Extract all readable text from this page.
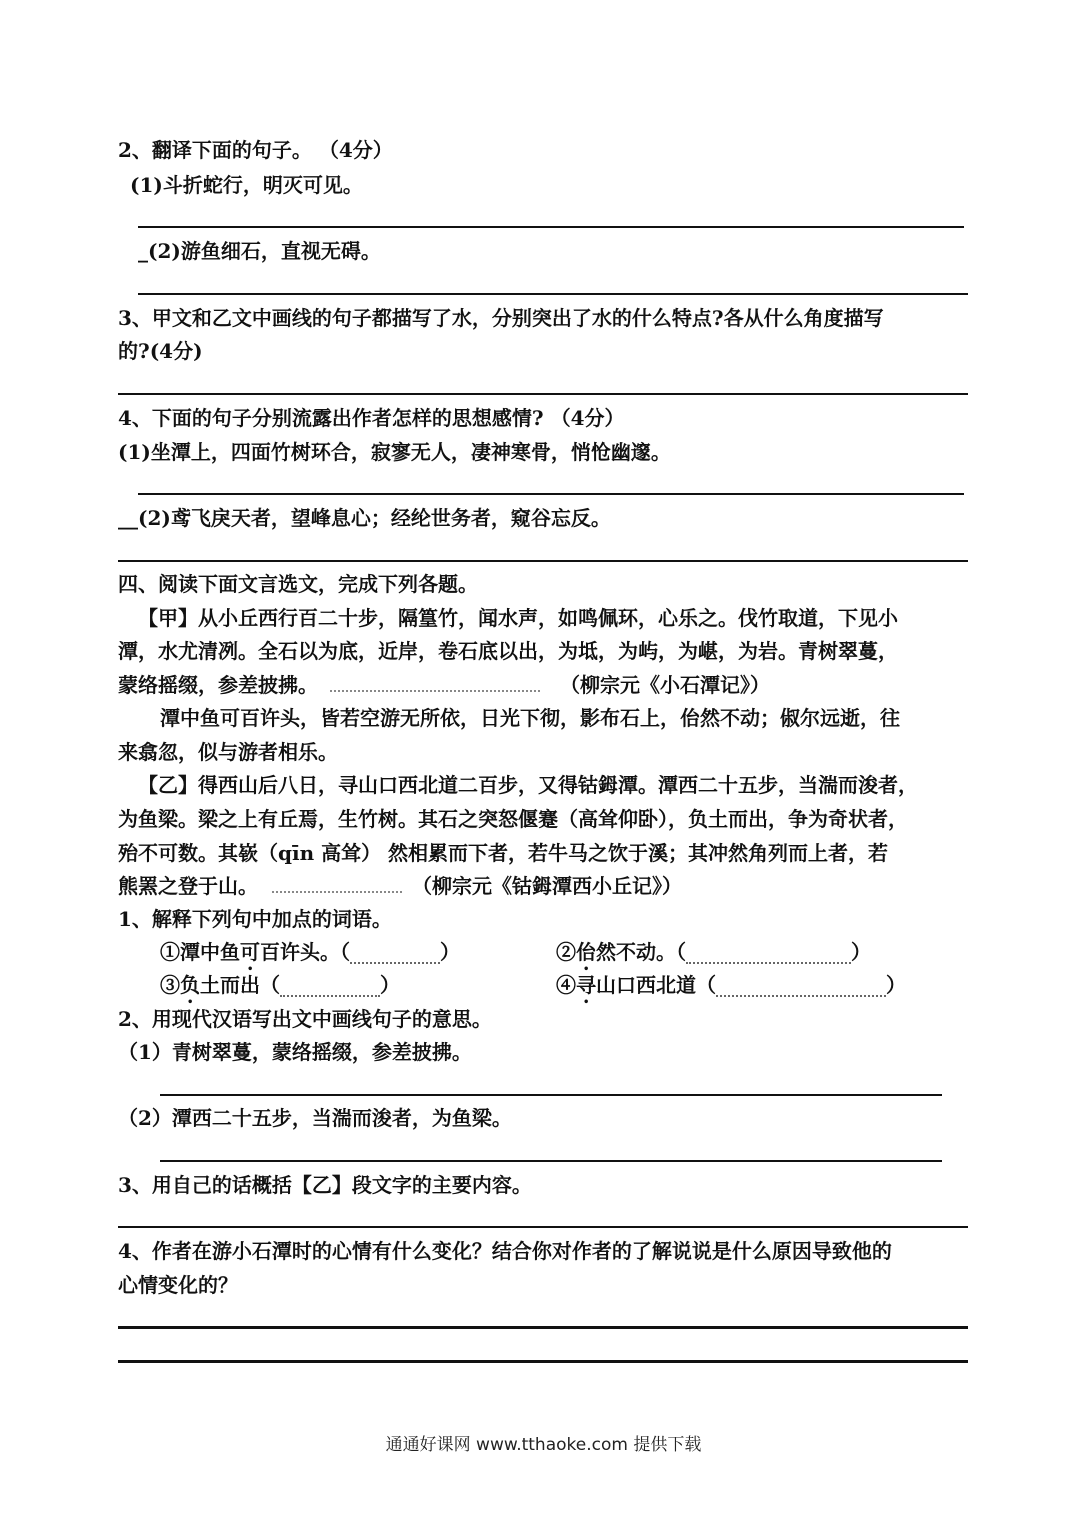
2、翻译下面的句子。 （4分）
(1)斗折蛇行，明灭可见。
_(2)游鱼细石，直视无碍。
3、甲文和乙文中画线的句子都描写了水，分别突出了水的什么特点?各从什么角度描写
的?(4分)
4、下面的句子分别流露出作者怎样的思想感情? （4分）
(1)坐潭上，四面竹树环合，寂寥无人，凄神寒骨，悄怆幽邃。
__(2)鸢飞戾天者，望峰息心；经纶世务者，窥谷忘反。
四、阅读下面文言选文，完成下列各题。
【甲】从小丘西行百二十步，隔篁竹，闻水声，如鸣佩环，心乐之。伐竹取道，下见小
潭，水尤清冽。全石以为底，近岸，卷石底以出，为坻，为屿，为嵁，为岩。青树翠蔓，
蒙络摇缀，参差披拂。	（柳宗元《小石潭记》）
潭中鱼可百许头，皆若空游无所依，日光下彻，影布石上，佁然不动；俶尔远逝，往
来翕忽，似与游者相乐。
【乙】得西山后八日，寻山口西北道二百步，又得钴鉧潭。潭西二十五步，当湍而浚者，
为鱼梁。梁之上有丘焉，生竹树。其石之突怒偃蹇（高耸仰卧），负土而出，争为奇状者，
殆不可数。其嵚（qīn 高耸） 然相累而下者，若牛马之饮于溪；其冲然角列而上者，若
熊罴之登于山。	（柳宗元《钴鉧潭西小丘记》）
1、解释下列句中加点的词语。
①潭中鱼可百许头。（	）	②佁然不动。（	）
③负土而出（	）	④寻山口西北道（	）
2、用现代汉语写出文中画线句子的意思。
（1）青树翠蔓，蒙络摇缀，参差披拂。
（2）潭西二十五步，当湍而浚者，为鱼梁。
3、用自己的话概括【乙】段文字的主要内容。
4、作者在游小石潭时的心情有什么变化？结合你对作者的了解说说是什么原因导致他的
心情变化的？
通通好课网 www.tthaoke.com 提供下载
